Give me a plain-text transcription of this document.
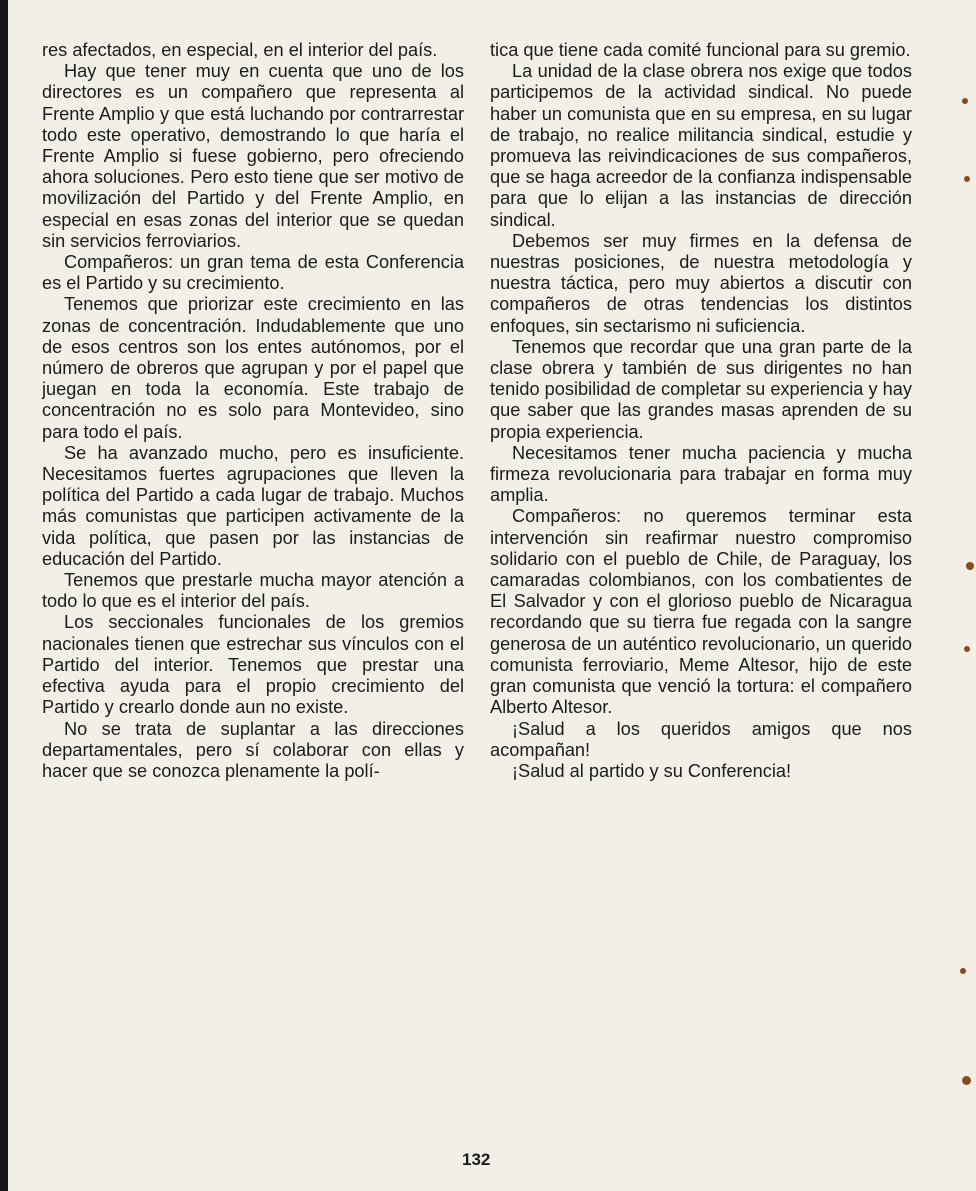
res afectados, en especial, en el interior del país.

Hay que tener muy en cuenta que uno de los directores es un compañero que representa al Frente Amplio y que está luchando por contrarrestar todo este operativo, demostrando lo que haría el Frente Amplio si fuese gobierno, pero ofreciendo ahora soluciones. Pero esto tiene que ser motivo de movilización del Partido y del Frente Amplio, en especial en esas zonas del interior que se quedan sin servicios ferroviarios.

Compañeros: un gran tema de esta Conferencia es el Partido y su crecimiento.

Tenemos que priorizar este crecimiento en las zonas de concentración. Indudablemente que uno de esos centros son los entes autónomos, por el número de obreros que agrupan y por el papel que juegan en toda la economía. Este trabajo de concentración no es solo para Montevideo, sino para todo el país.

Se ha avanzado mucho, pero es insuficiente. Necesitamos fuertes agrupaciones que lleven la política del Partido a cada lugar de trabajo. Muchos más comunistas que participen activamente de la vida política, que pasen por las instancias de educación del Partido.

Tenemos que prestarle mucha mayor atención a todo lo que es el interior del país.

Los seccionales funcionales de los gremios nacionales tienen que estrechar sus vínculos con el Partido del interior. Tenemos que prestar una efectiva ayuda para el propio crecimiento del Partido y crearlo donde aun no existe.

No se trata de suplantar a las direcciones departamentales, pero sí colaborar con ellas y hacer que se conozca plenamente la polí-

tica que tiene cada comité funcional para su gremio.

La unidad de la clase obrera nos exige que todos participemos de la actividad sindical. No puede haber un comunista que en su empresa, en su lugar de trabajo, no realice militancia sindical, estudie y promueva las reivindicaciones de sus compañeros, que se haga acreedor de la confianza indispensable para que lo elijan a las instancias de dirección sindical.

Debemos ser muy firmes en la defensa de nuestras posiciones, de nuestra metodología y nuestra táctica, pero muy abiertos a discutir con compañeros de otras tendencias los distintos enfoques, sin sectarismo ni suficiencia.

Tenemos que recordar que una gran parte de la clase obrera y también de sus dirigentes no han tenido posibilidad de completar su experiencia y hay que saber que las grandes masas aprenden de su propia experiencia.

Necesitamos tener mucha paciencia y mucha firmeza revolucionaria para trabajar en forma muy amplia.

Compañeros: no queremos terminar esta intervención sin reafirmar nuestro compromiso solidario con el pueblo de Chile, de Paraguay, los camaradas colombianos, con los combatientes de El Salvador y con el glorioso pueblo de Nicaragua recordando que su tierra fue regada con la sangre generosa de un auténtico revolucionario, un querido comunista ferroviario, Meme Altesor, hijo de este gran comunista que venció la tortura: el compañero Alberto Altesor.

¡Salud a los queridos amigos que nos acompañan!

¡Salud al partido y su Conferencia!

132
